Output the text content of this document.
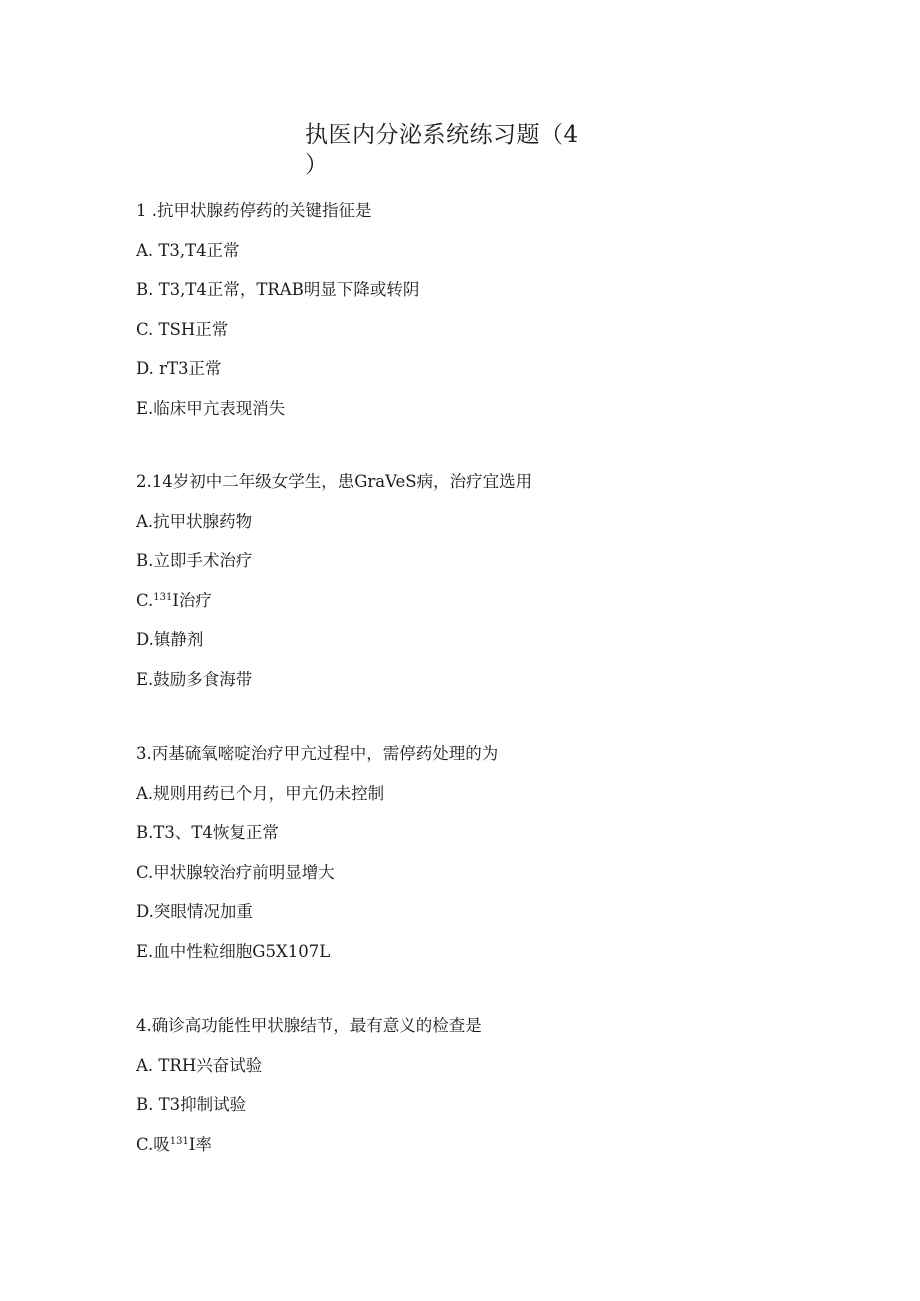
执医内分泌系统练习题（4
）
1 .抗甲状腺药停药的关键指征是
A. T3,T4正常
B. T3,T4正常，TRAB明显下降或转阴
C. TSH正常
D. rT3正常
E.临床甲亢表现消失
2.14岁初中二年级女学生，患GraVeS病，治疗宜选用
A.抗甲状腺药物
B.立即手术治疗
C.$^{131}$I治疗
D.镇静剂
E.鼓励多食海带
3.丙基硫氧嘧啶治疗甲亢过程中，需停药处理的为
A.规则用药已个月，甲亢仍未控制
B.T3、T4恢复正常
C.甲状腺较治疗前明显增大
D.突眼情况加重
E.血中性粒细胞G5X107L
4.确诊高功能性甲状腺结节，最有意义的检查是
A. TRH兴奋试验
B. T3抑制试验
C.吸$^{131}$I率
